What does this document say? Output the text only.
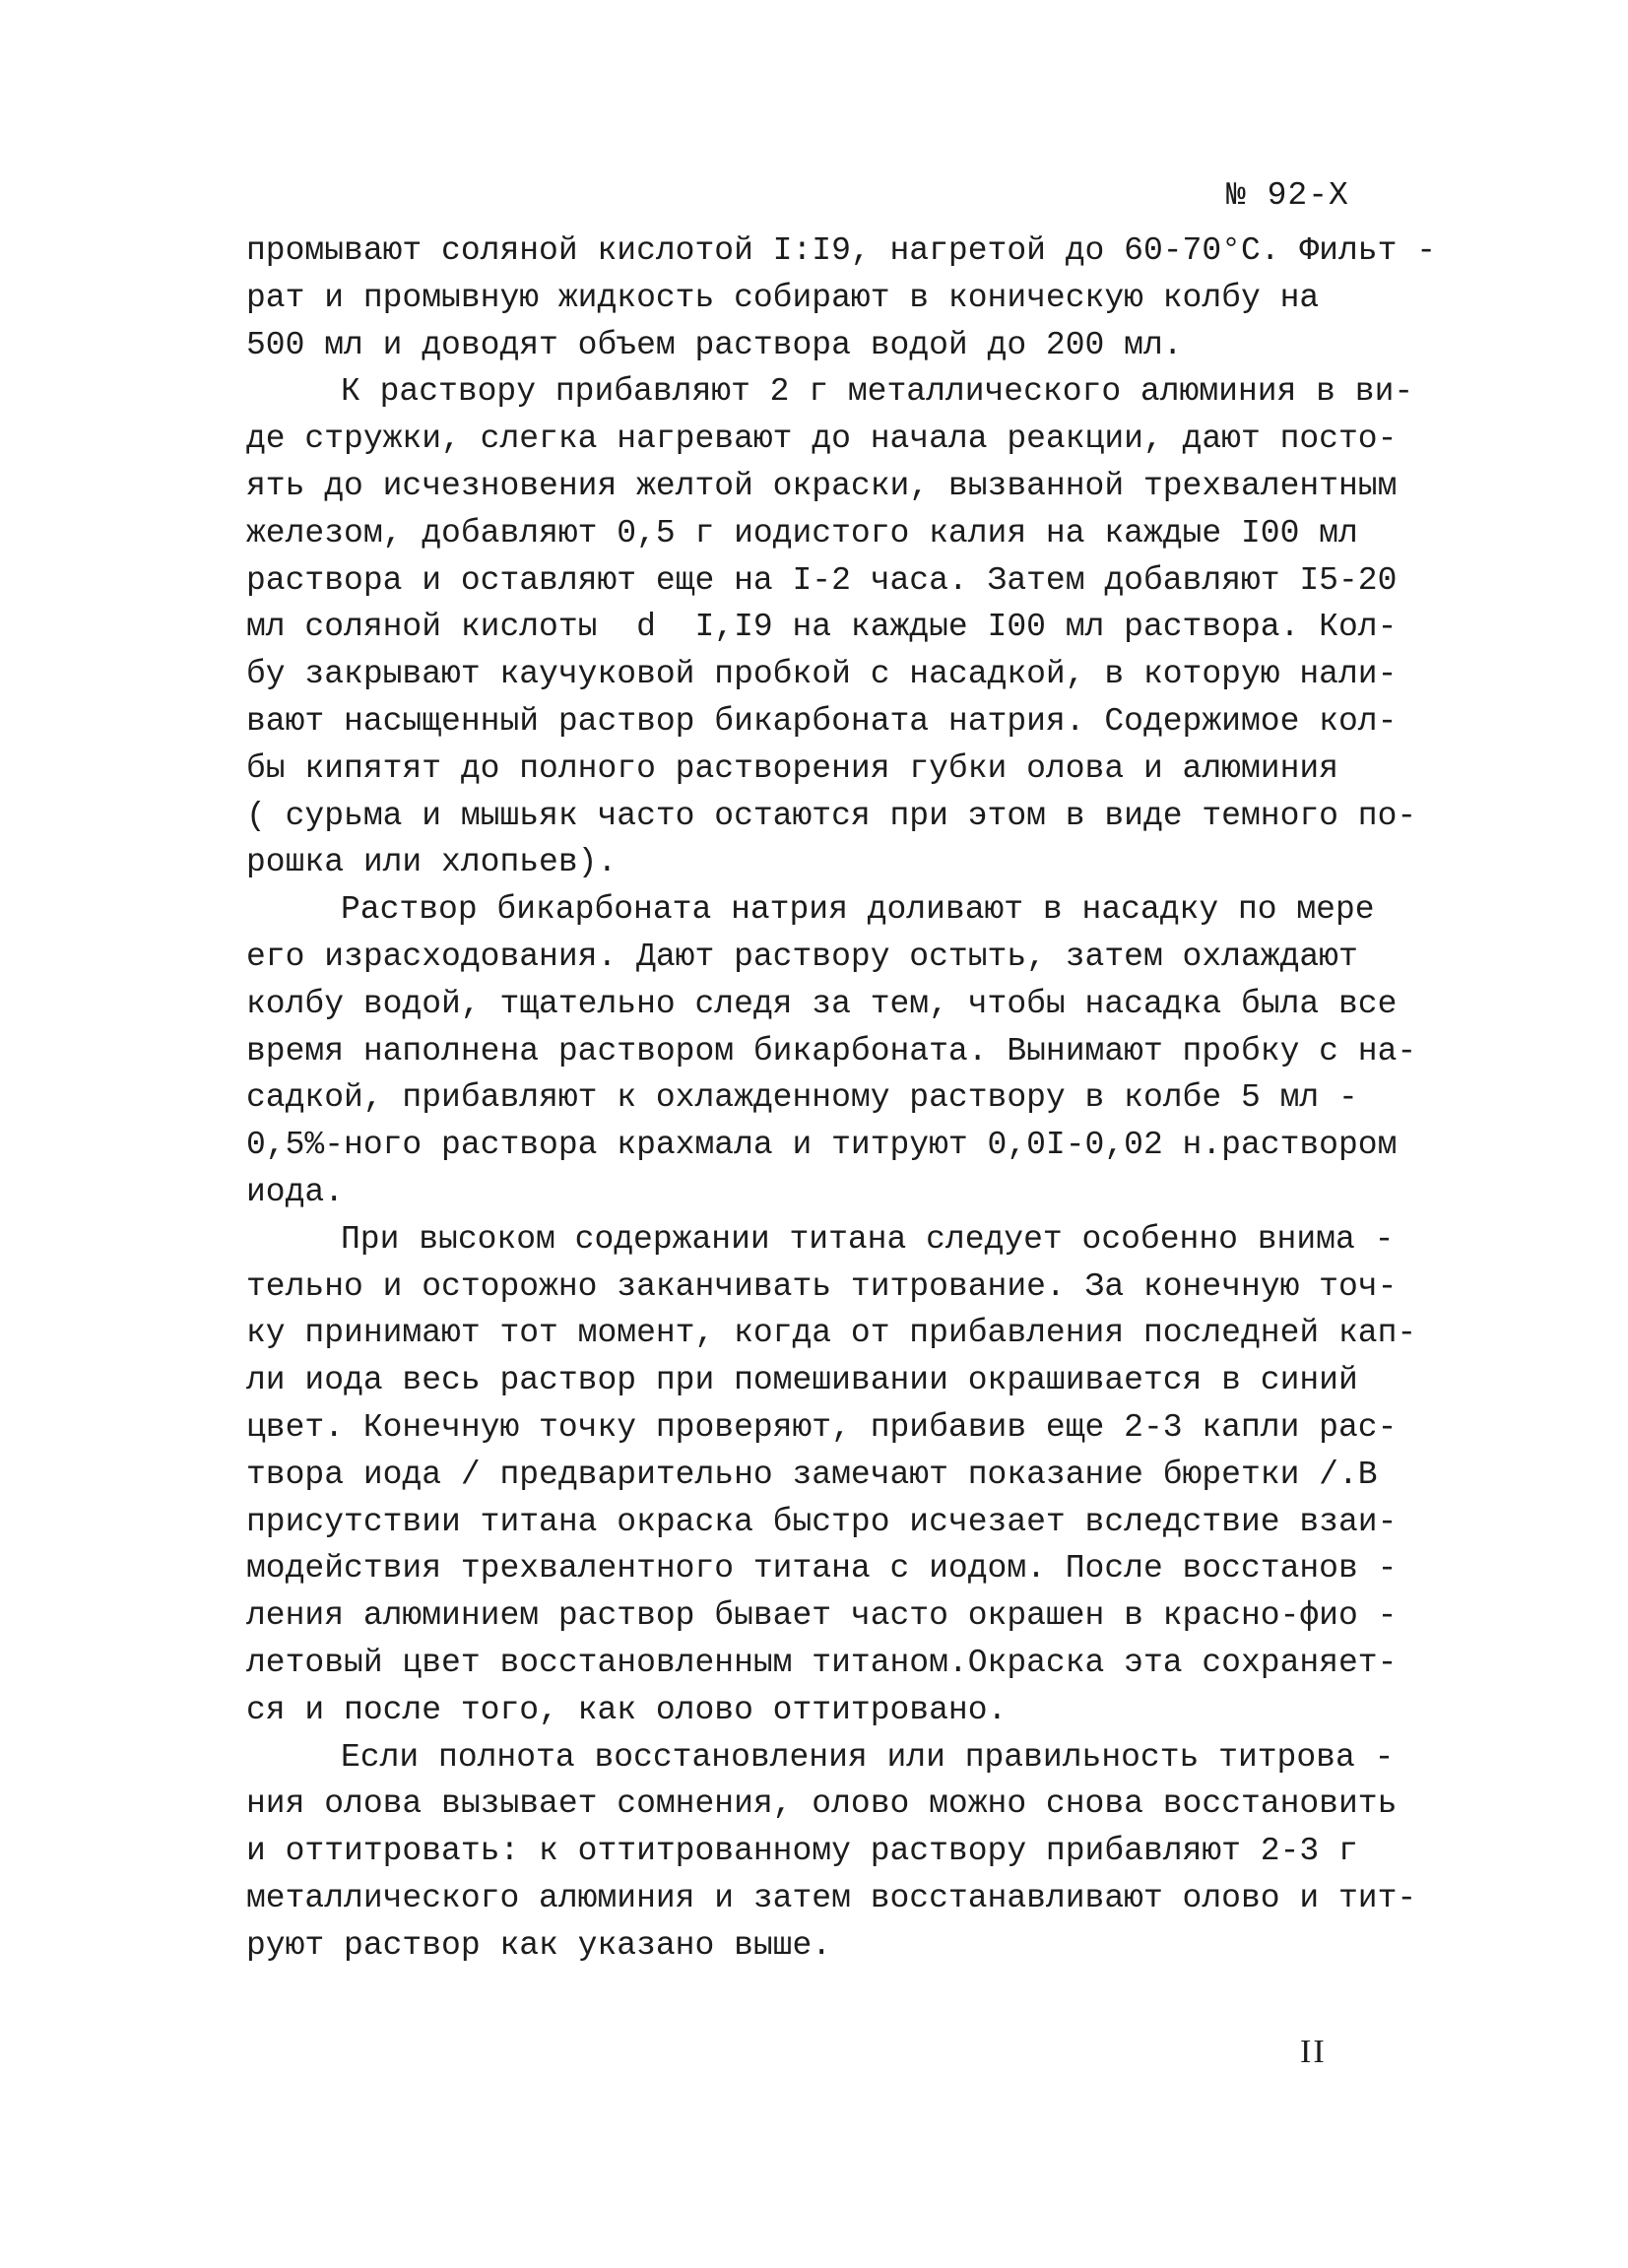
№ 92-Х
промывают соляной кислотой I:I9, нагретой до 60-70°С. Фильт -
рат и промывную жидкость собирают в коническую колбу на
500 мл и доводят объем раствора водой до 200 мл.
К раствору прибавляют 2 г металлического алюминия в ви-
де стружки, слегка нагревают до начала реакции, дают посто-
ять до исчезновения желтой окраски, вызванной трехвалентным
железом, добавляют 0,5 г иодистого калия на каждые I00 мл
раствора и оставляют еще на I-2 часа. Затем добавляют I5-20
мл соляной кислоты  d  I,I9 на каждые I00 мл раствора. Кол-
бу закрывают каучуковой пробкой с насадкой, в которую нали-
вают насыщенный раствор бикарбоната натрия. Содержимое кол-
бы кипятят до полного растворения губки олова и алюминия
( сурьма и мышьяк часто остаются при этом в виде темного по-
рошка или хлопьев).
Раствор бикарбоната натрия доливают в насадку по мере
его израсходования. Дают раствору остыть, затем охлаждают
колбу водой, тщательно следя за тем, чтобы насадка была все
время наполнена раствором бикарбоната. Вынимают пробку с на-
садкой, прибавляют к охлажденному раствору в колбе 5 мл -
0,5%-ного раствора крахмала и титруют 0,0I-0,02 н.раствором
иода.
При высоком содержании титана следует особенно внима -
тельно и осторожно заканчивать титрование. За конечную точ-
ку принимают тот момент, когда от прибавления последней кап-
ли иода весь раствор при помешивании окрашивается в синий
цвет. Конечную точку проверяют, прибавив еще 2-3 капли рас-
твора иода / предварительно замечают показание бюретки /.В
присутствии титана окраска быстро исчезает вследствие взаи-
модействия трехвалентного титана с иодом. После восстанов -
ления алюминием раствор бывает часто окрашен в красно-фио -
летовый цвет восстановленным титаном.Окраска эта сохраняет-
ся и после того, как олово оттитровано.
Если полнота восстановления или правильность титрова -
ния олова вызывает сомнения, олово можно снова восстановить
и оттитровать: к оттитрованному раствору прибавляют 2-3 г
металлического алюминия и затем восстанавливают олово и тит-
руют раствор как указано выше.
II
